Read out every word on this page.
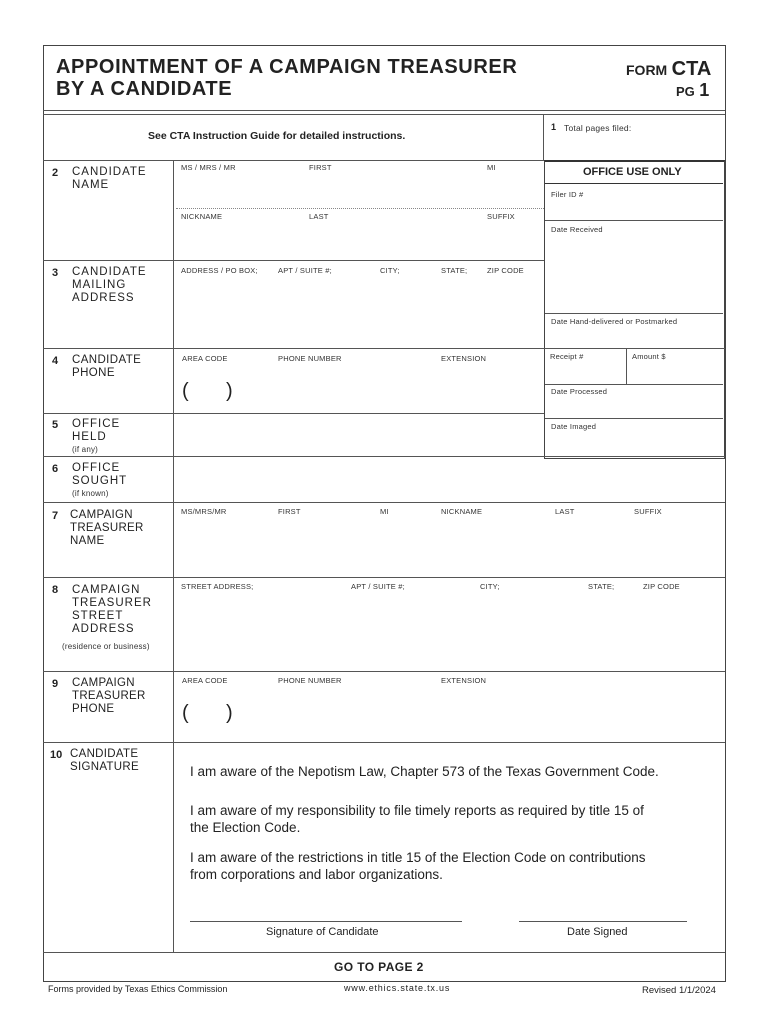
APPOINTMENT OF A CAMPAIGN TREASURER
BY A CANDIDATE
FORM CTA
PG 1
See CTA Instruction Guide for detailed instructions.
1 Total pages filed:
OFFICE USE ONLY
Filer ID #
Date Received
Date Hand-delivered or Postmarked
Receipt #	Amount $
Date Processed
Date Imaged
2 CANDIDATE
NAME
MS / MRS / MR	FIRST	MI
NICKNAME	LAST	SUFFIX
3 CANDIDATE
MAILING
ADDRESS
ADDRESS / PO BOX;	APT / SUITE #;	CITY;	STATE;	ZIP CODE
4 CANDIDATE
PHONE
AREA CODE	PHONE NUMBER	EXTENSION
( )
5 OFFICE
HELD
(if any)
6 OFFICE
SOUGHT
(if known)
7 CAMPAIGN
TREASURER
NAME
MS/MRS/MR	FIRST	MI	NICKNAME	LAST	SUFFIX
8 CAMPAIGN
TREASURER
STREET
ADDRESS
(residence or business)
STREET ADDRESS;	APT / SUITE #;	CITY;	STATE;	ZIP CODE
9 CAMPAIGN
TREASURER
PHONE
AREA CODE	PHONE NUMBER	EXTENSION
( )
10 CANDIDATE
SIGNATURE	I am aware of the Nepotism Law, Chapter 573 of the Texas Government Code.
I am aware of my responsibility to file timely reports as required by title 15 of
the Election Code.
I am aware of the restrictions in title 15 of the Election Code on contributions
from corporations and labor organizations.
Signature of Candidate	Date Signed
GO TO PAGE 2
Forms provided by Texas Ethics Commission	www.ethics.state.tx.us	Revised 1/1/2024
